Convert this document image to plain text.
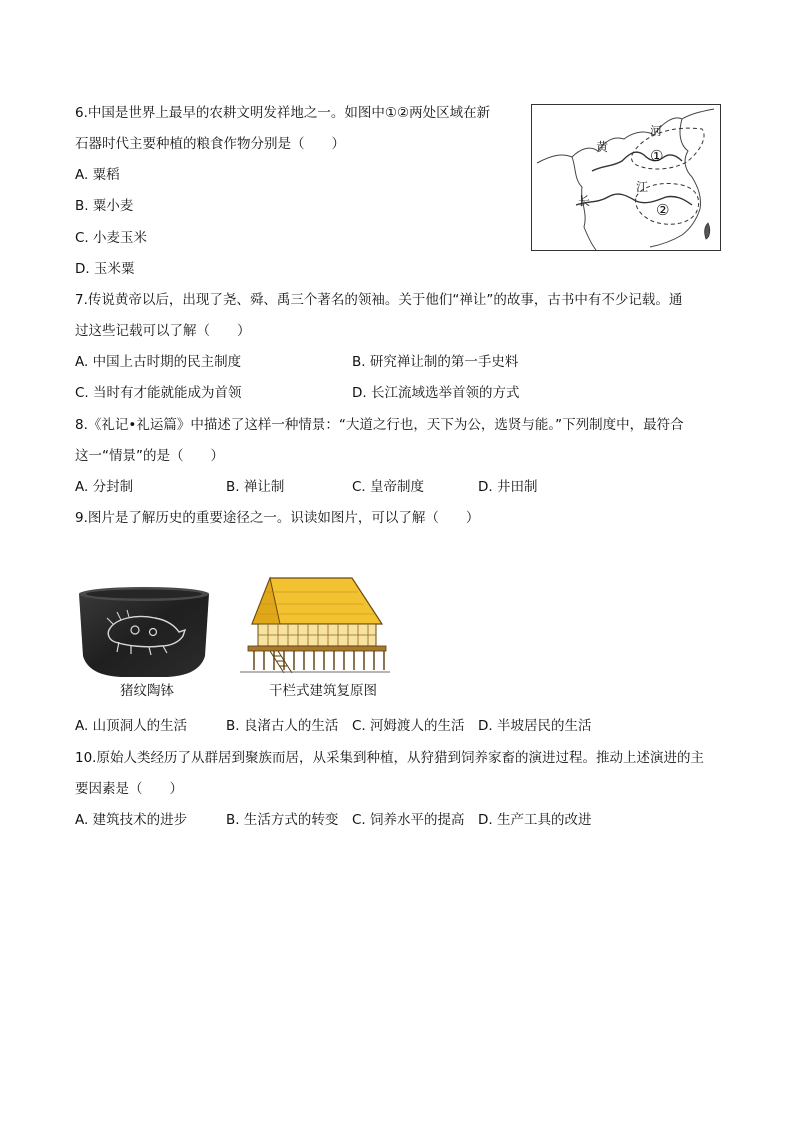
6.中国是世界上最早的农耕文明发祥地之一。如图中①②两处区域在新
石器时代主要种植的粮食作物分别是（　　）
A. 粟稻
B. 粟小麦
C. 小麦玉米
D. 玉米粟
黄
河
长
江
①
②
7.传说黄帝以后，出现了尧、舜、禹三个著名的领袖。关于他们“禅让”的故事，古书中有不少记载。通
过这些记载可以了解（　　）
A. 中国上古时期的民主制度	B. 研究禅让制的第一手史料
C. 当时有才能就能成为首领	D. 长江流域选举首领的方式
8.《礼记•礼运篇》中描述了这样一种情景：“大道之行也，天下为公，选贤与能。”下列制度中，最符合
这一“情景”的是（　　）
A. 分封制	B. 禅让制	C. 皇帝制度	D. 井田制
9.图片是了解历史的重要途径之一。识读如图片，可以了解（　　）
猪纹陶钵	干栏式建筑复原图
A. 山顶洞人的生活	B. 良渚古人的生活 C. 河姆渡人的生活 D. 半坡居民的生活
10.原始人类经历了从群居到聚族而居，从采集到种植，从狩猎到饲养家畜的演进过程。推动上述演进的主
要因素是（　　）
A. 建筑技术的进步	B. 生活方式的转变 C. 饲养水平的提高 D. 生产工具的改进
